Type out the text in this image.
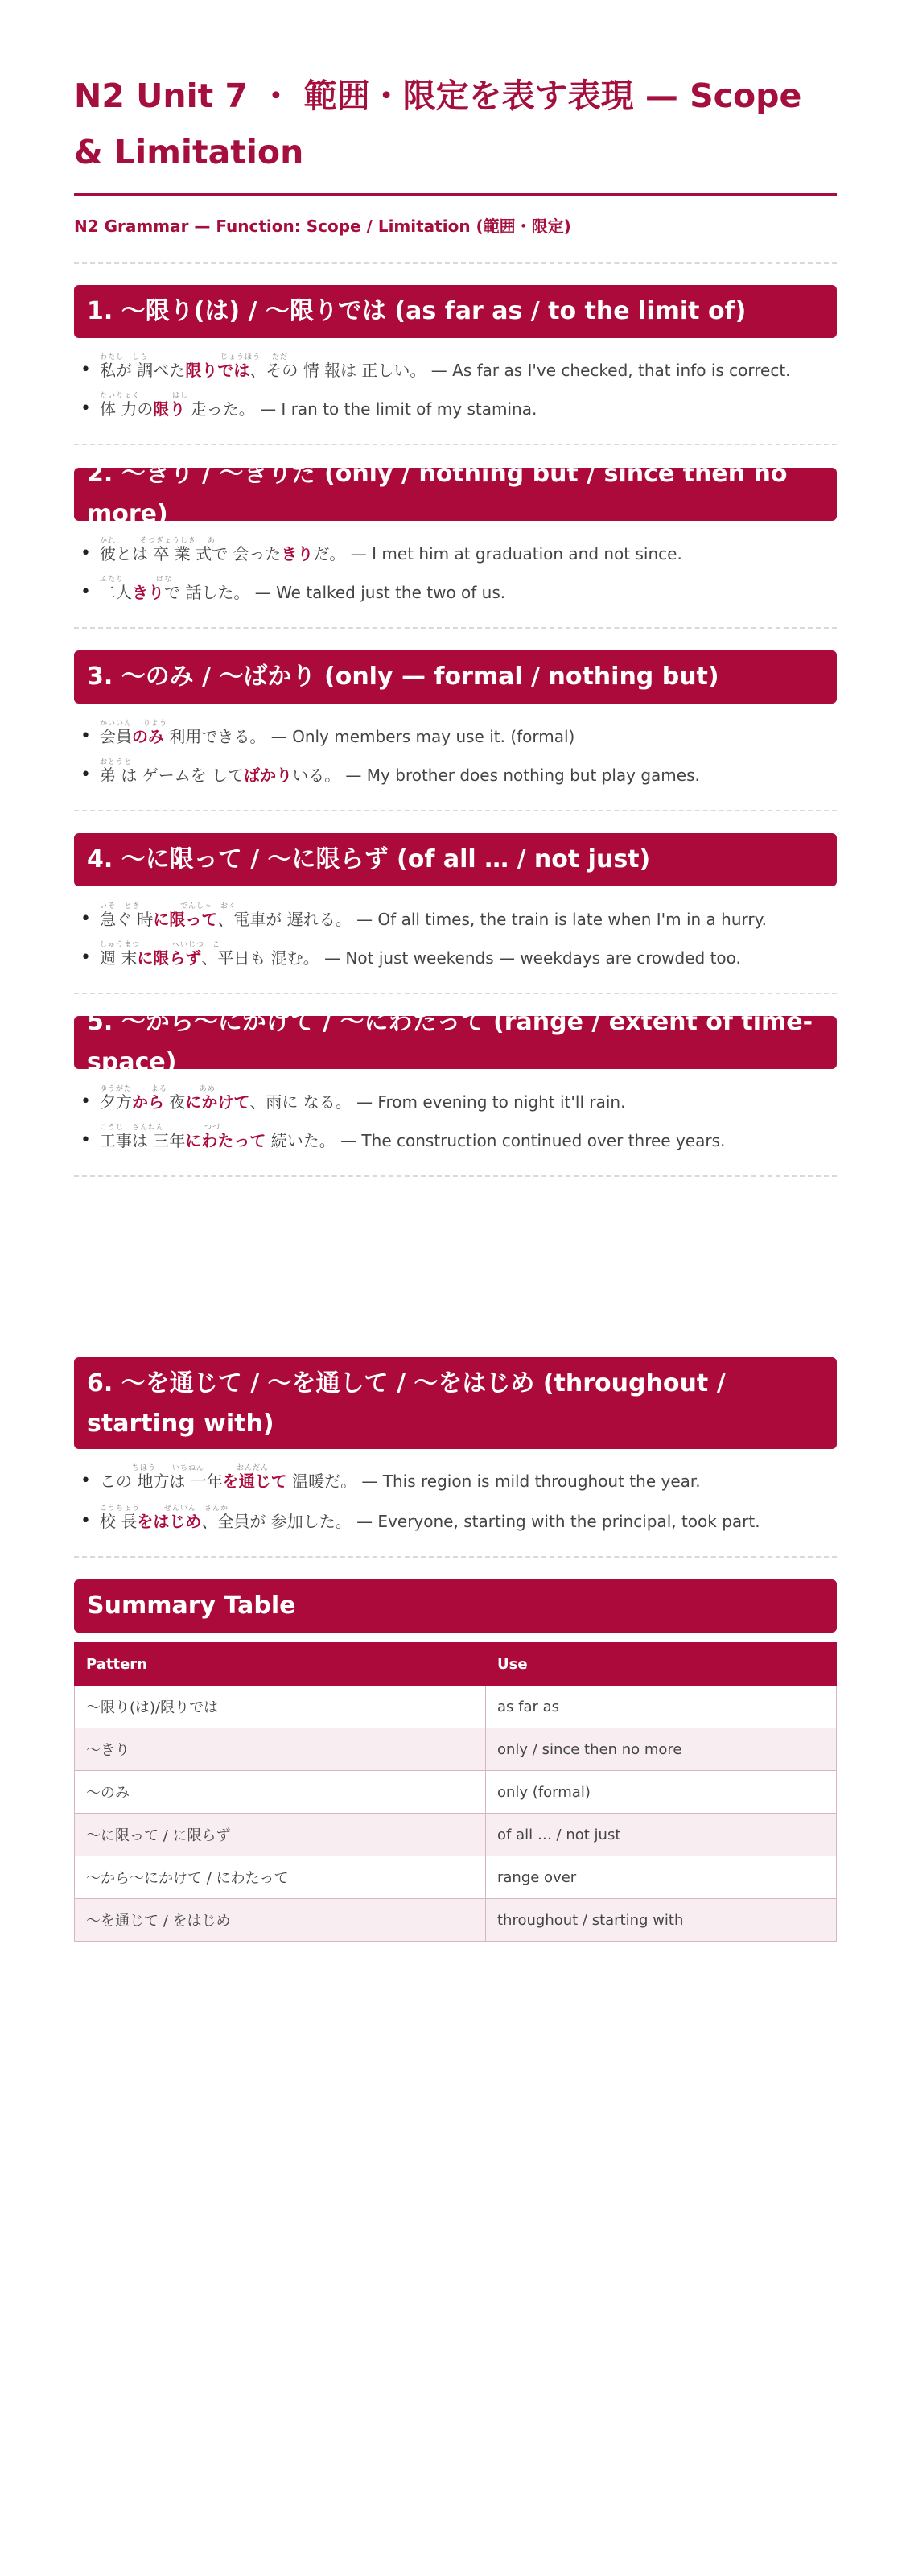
N2 Unit 7 ・ 範囲・限定を表す表現 — Scope & Limitation
N2 Grammar — Function: Scope / Limitation (範囲・限定)
1. 〜限り(は) / 〜限りでは (as far as / to the limit of)
•
わたし　しら　　　　　　　　　じょうほう　 ただ
私が 調べた限りでは、その 情 報は 正しい。 — As far as I've checked, that info is correct.
•
たいりょく　　　　はし
体 力の限り 走った。 — I ran to the limit of my stamina.
2. 〜きり / 〜きりだ (only / nothing but / since then no more)
•
かれ　　　そつぎょうしき　 あ
彼とは 卒 業 式で 会ったきりだ。 — I met him at graduation and not since.
•
ふたり　　　　はな
二人きりで 話した。 — We talked just the two of us.
3. 〜のみ / 〜ばかり (only — formal / nothing but)
•
かいいん　 りよう
会員のみ 利用できる。 — Only members may use it. (formal)
•
おとうと
弟 は ゲームを してばかりいる。 — My brother does nothing but play games.
4. 〜に限って / 〜に限らず (of all … / not just)
•
いそ　とき　　　　　でんしゃ　おく
急ぐ 時に限って、電車が 遅れる。 — Of all times, the train is late when I'm in a hurry.
•
しゅうまつ　　　　へいじつ　こ
週 末に限らず、平日も 混む。 — Not just weekends — weekdays are crowded too.
5. 〜から〜にかけて / 〜にわたって (range / extent of time-space)
•
ゆうがた　　 よる　　　　あめ
夕方から 夜にかけて、雨に なる。 — From evening to night it'll rain.
•
こうじ　さんねん　　　　　つづ
工事は 三年にわたって 続いた。 — The construction continued over three years.
6. 〜を通じて / 〜を通して / 〜をはじめ (throughout / starting with)
•
ちほう　　いちねん　　　　おんだん
この 地方は 一年を通じて 温暖だ。 — This region is mild throughout the year.
•
こうちょう　　　ぜんいん　さんか
校 長をはじめ、全員が 参加した。 — Everyone, starting with the principal, took part.
Summary Table
Pattern	Use
〜限り(は)/限りでは	as far as
〜きり	only / since then no more
〜のみ	only (formal)
〜に限って / に限らず	of all … / not just
〜から〜にかけて / にわたって	range over
〜を通じて / をはじめ	throughout / starting with
